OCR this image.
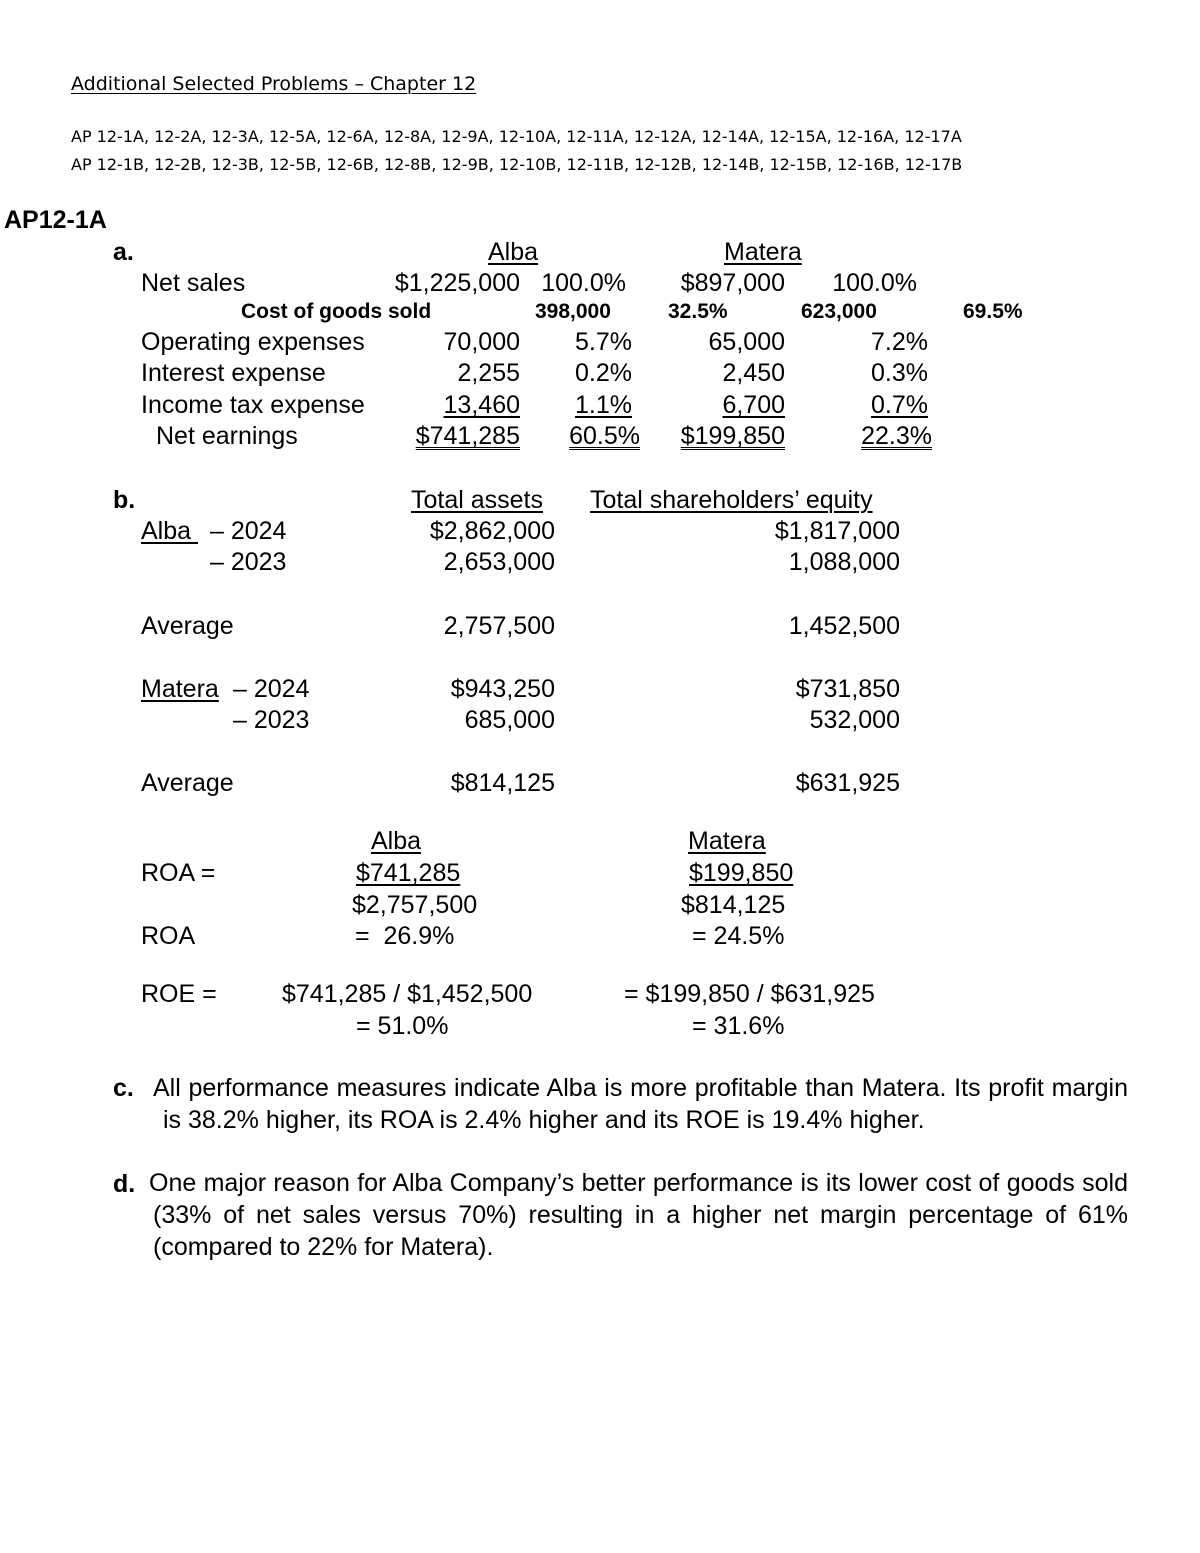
Additional Selected Problems – Chapter 12
AP 12-1A, 12-2A, 12-3A, 12-5A, 12-6A, 12-8A, 12-9A, 12-10A, 12-11A, 12-12A, 12-14A, 12-15A, 12-16A, 12-17A
AP 12-1B, 12-2B, 12-3B, 12-5B, 12-6B, 12-8B, 12-9B, 12-10B, 12-11B, 12-12B, 12-14B, 12-15B, 12-16B, 12-17B
AP12-1A
a.	Alba	Matera
Net sales	$1,225,000 100.0%	$897,000	100.0%
Cost of goods sold	398,000	32.5%	623,000	69.5%
Operating expenses	70,000	5.7%	65,000	7.2%
Interest expense	2,255	0.2%	2,450	0.3%
Income tax expense	13,460	1.1%	6,700	0.7%
Net earnings	$741,285	60.5%	$199,850	22.3%
b.	Total assets Total shareholders’ equity
Alba – 2024	$2,862,000	$1,817,000
– 2023	2,653,000	1,088,000
Average	2,757,500	1,452,500
Matera – 2024	$943,250	$731,850
– 2023	685,000	532,000
Average	$814,125	$631,925
Alba	Matera
ROA =	$741,285	$199,850
$2,757,500	$814,125
ROA	=  26.9%	= 24.5%
ROE =	$741,285 / $1,452,500	= $199,850 / $631,925
= 51.0%	= 31.6%
c. All performance measures indicate Alba is more profitable than Matera. Its profit margin is 38.2% higher, its ROA is 2.4% higher and its ROE is 19.4% higher.
d. One major reason for Alba Company’s better performance is its lower cost of goods sold (33% of net sales versus 70%) resulting in a higher net margin percentage of 61% (compared to 22% for Matera).
